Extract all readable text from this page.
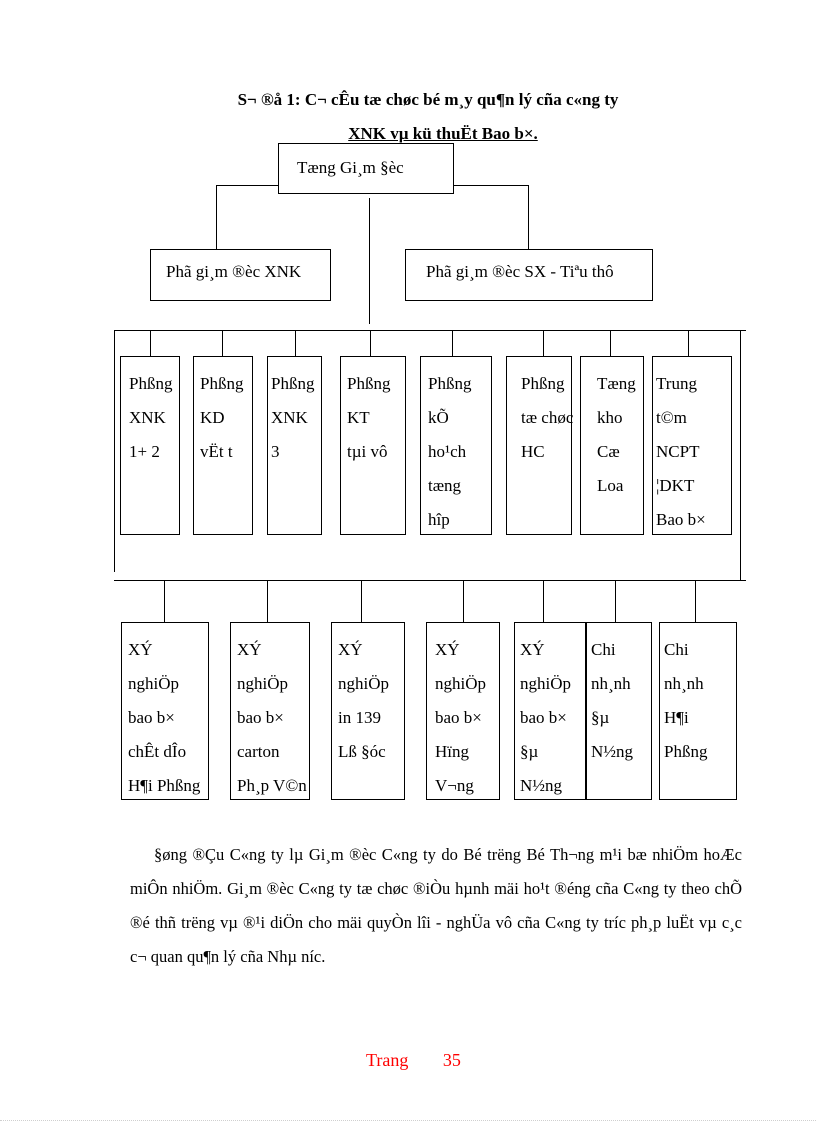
S¬ ®å 1: C¬ cÊu tæ chøc bé m¸y qu¶n lý cña c«ng ty
XNK vµ kü thuËt Bao b×.
Tæng Gi¸m §èc
Phã gi¸m ®èc XNK	Phã gi¸m ®èc SX - Tiªu thô
Phßng
XNK
1+ 2
Phßng
KD
vËt t
Phßng
XNK
3
Phßng
KT
tµi vô
Phßng
kÕ
ho¹ch
tæng
hîp
Phßng
tæ chøc
HC
Tæng
kho
Cæ
Loa
Trung
t©m
NCPT
¦DKT
Bao b×
XÝ
nghiÖp
bao b×
chÊt dÎo
H¶i Phßng
XÝ
nghiÖp
bao b×
carton
Ph¸p V©n
XÝ
nghiÖp
in 139
Lß §óc
XÝ
nghiÖp
bao b×
Hïng
V¬ng
XÝ
nghiÖp
bao b×
§µ
N½ng
Chi
nh¸nh
§µ
N½ng
Chi
nh¸nh
H¶i
Phßng
§øng ®Çu C«ng ty lµ Gi¸m ®èc C«ng ty do Bé trëng Bé Th¬ng m¹i bæ nhiÖm hoÆc miÔn nhiÖm. Gi¸m ®èc C«ng ty tæ chøc ®iÒu hµnh mäi ho¹t ®éng cña C«ng ty theo chÕ ®é thñ trëng vµ ®¹i diÖn cho mäi quyÒn lîi - nghÜa vô cña C«ng ty tríc ph¸p luËt vµ c¸c c¬ quan qu¶n lý cña Nhµ níc.
Trang 35
